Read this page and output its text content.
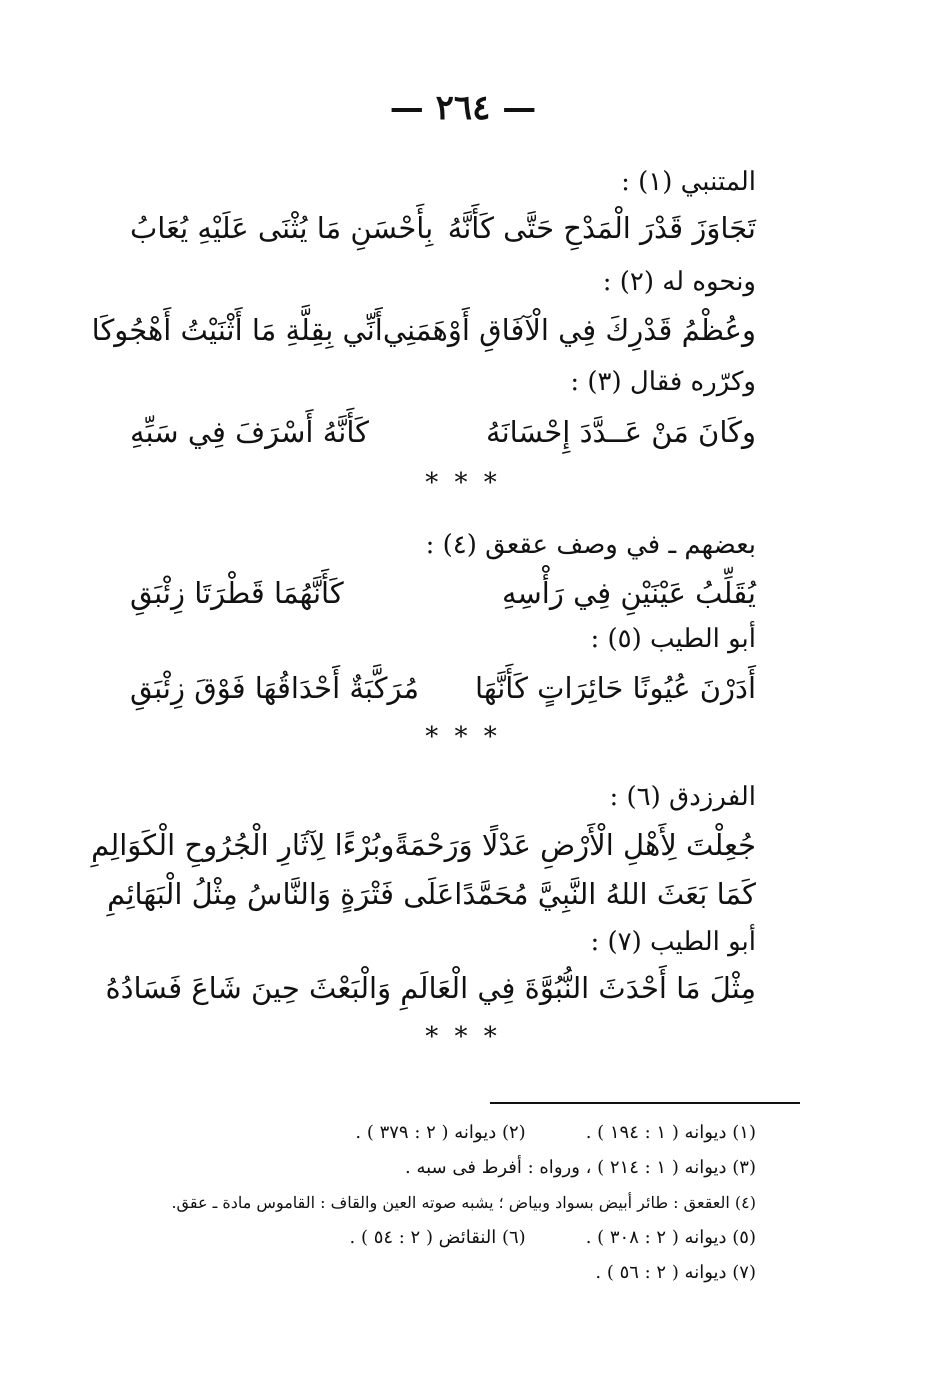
— ٢٦٤ —
المتنبي (١) :
تَجَاوَزَ قَدْرَ الْمَدْحِ حَتَّى كَأَنَّهُ
بِأَحْسَنِ مَا يُثْنَى عَلَيْهِ يُعَابُ
ونحوه له (٢) :
وعُظْمُ قَدْرِكَ فِي الْآفَاقِ أَوْهَمَنِي
أَنِّي بِقِلَّةِ مَا أَثْنَيْتُ أَهْجُوكَا
وكرّره فقال (٣) :
وكَانَ مَنْ عَــدَّدَ إِحْسَانَهُ
كَأَنَّهُ أَسْرَفَ فِي سَبِّهِ
* * *
بعضهم ـ في وصف عقعق (٤) :
يُقَلِّبُ عَيْنَيْنِ فِي رَأْسِهِ
كَأَنَّهُمَا قَطْرَتَا زِئْبَقِ
أبو الطيب (٥) :
أَدَرْنَ عُيُونًا حَائِرَاتٍ كَأَنَّهَا
مُرَكَّبَةٌ أَحْدَاقُهَا فَوْقَ زِئْبَقِ
* * *
الفرزدق (٦) :
جُعِلْتَ لِأَهْلِ الْأَرْضِ عَدْلًا وَرَحْمَةً
وبُرْءًا لِآثَارِ الْجُرُوحِ الْكَوَالِمِ
كَمَا بَعَثَ اللهُ النَّبِيَّ مُحَمَّدًا
عَلَى فَتْرَةٍ وَالنَّاسُ مِثْلُ الْبَهَائِمِ
أبو الطيب (٧) :
مِثْلَ مَا أَحْدَثَ النُّبُوَّةَ فِي الْعَا
لَمِ وَالْبَعْثَ حِينَ شَاعَ فَسَادُهُ
* * *
(١) ديوانه ( ١ : ١٩٤ ) .(٢) ديوانه ( ٢ : ٣٧٩ ) .
(٣) ديوانه ( ١ : ٢١٤ ) ، ورواه : أفرط فى سبه .
(٤) العقعق : طائر أبيض بسواد وبياض ؛ يشبه صوته العين والقاف : القاموس مادة ـ عقق.
(٥) ديوانه ( ٢ : ٣٠٨ ) .(٦) النقائض ( ٢ : ٥٤ ) .
(٧) ديوانه ( ٢ : ٥٦ ) .
